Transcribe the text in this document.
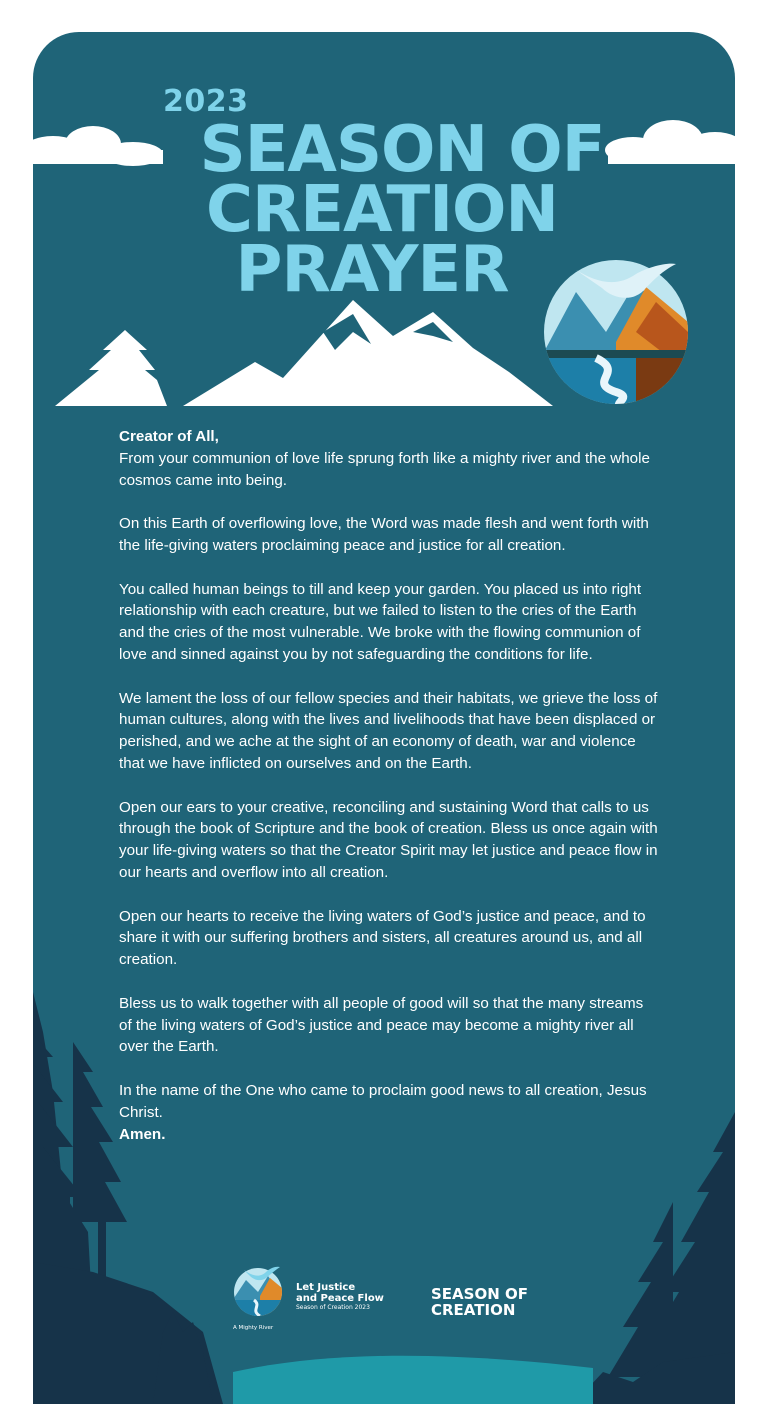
2023
SEASON OF
CREATION
PRAYER

Creator of All,
From your communion of love life sprung forth like a mighty river and the whole cosmos came into being.

On this Earth of overflowing love, the Word was made flesh and went forth with the life-giving waters proclaiming peace and justice for all creation.

You called human beings to till and keep your garden. You placed us into right relationship with each creature, but we failed to listen to the cries of the Earth and the cries of the most vulnerable. We broke with the flowing communion of love and sinned against you by not safeguarding the conditions for life.

We lament the loss of our fellow species and their habitats, we grieve the loss of human cultures, along with the lives and livelihoods that have been displaced or perished, and we ache at the sight of an economy of death, war and violence that we have inflicted on ourselves and on the Earth.

Open our ears to your creative, reconciling and sustaining Word that calls to us through the book of Scripture and the book of creation. Bless us once again with your life-giving waters so that the Creator Spirit may let justice and peace flow in our hearts and overflow into all creation.

Open our hearts to receive the living waters of God’s justice and peace, and to share it with our suffering brothers and sisters, all creatures around us, and all creation.

Bless us to walk together with all people of good will so that the many streams of the living waters of God’s justice and peace may become a mighty river all over the Earth.

In the name of the One who came to proclaim good news to all creation, Jesus Christ.
Amen.

Let Justice
and Peace Flow
Season of Creation 2023
A Mighty River
SEASON OF
CREATION
